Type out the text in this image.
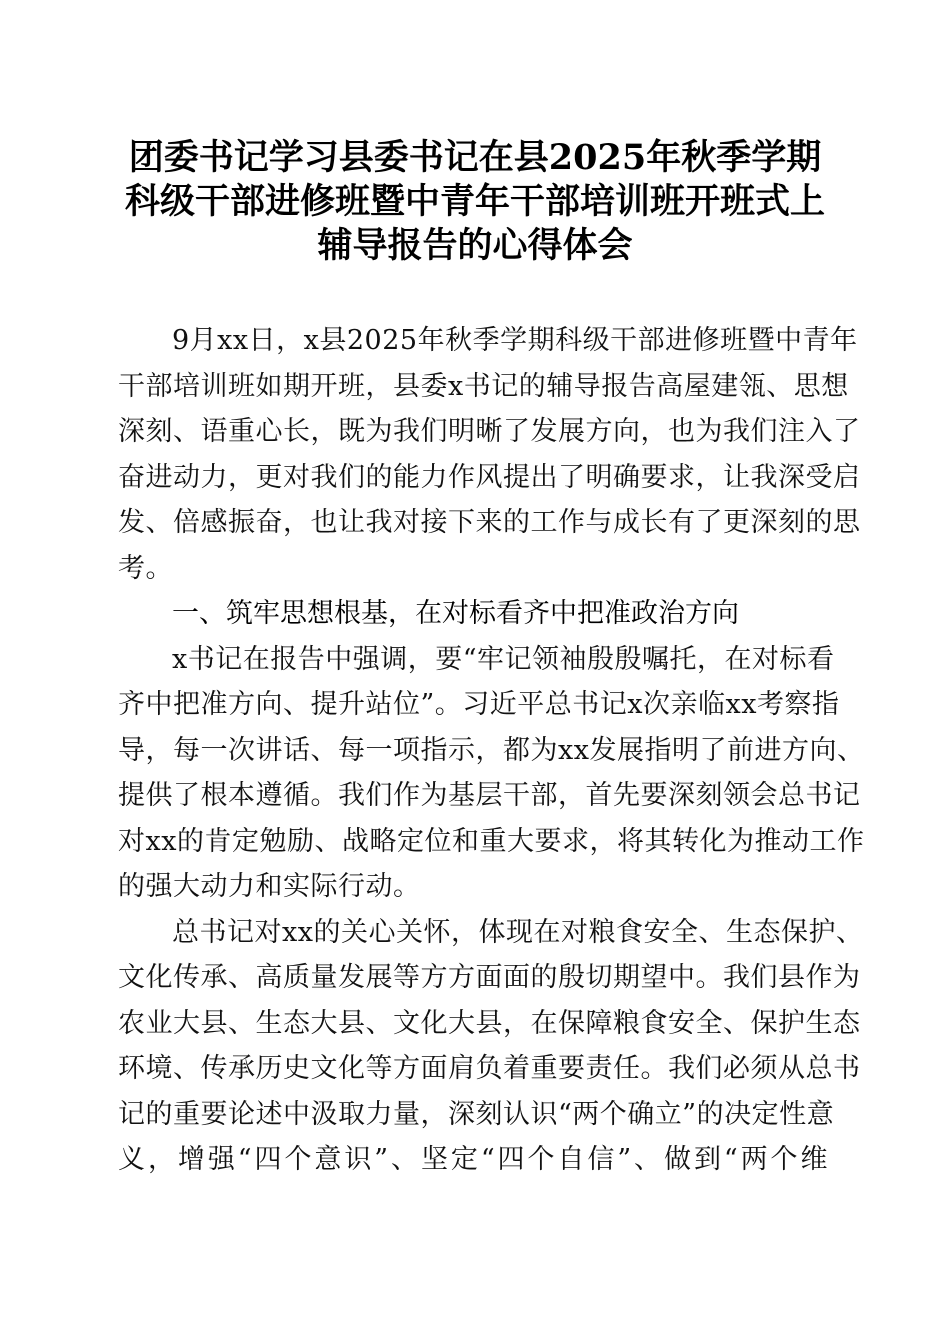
团委书记学习县委书记在县2025年秋季学期
科级干部进修班暨中青年干部培训班开班式上
辅导报告的心得体会
9月xx日，x县2025年秋季学期科级干部进修班暨中青年
干部培训班如期开班，县委x书记的辅导报告高屋建瓴、思想
深刻、语重心长，既为我们明晰了发展方向，也为我们注入了
奋进动力，更对我们的能力作风提出了明确要求，让我深受启
发、倍感振奋，也让我对接下来的工作与成长有了更深刻的思
考。
一、筑牢思想根基，在对标看齐中把准政治方向
x书记在报告中强调，要“牢记领袖殷殷嘱托，在对标看
齐中把准方向、提升站位”。习近平总书记x次亲临xx考察指
导，每一次讲话、每一项指示，都为xx发展指明了前进方向、
提供了根本遵循。我们作为基层干部，首先要深刻领会总书记
对xx的肯定勉励、战略定位和重大要求，将其转化为推动工作
的强大动力和实际行动。
总书记对xx的关心关怀，体现在对粮食安全、生态保护、
文化传承、高质量发展等方方面面的殷切期望中。我们县作为
农业大县、生态大县、文化大县，在保障粮食安全、保护生态
环境、传承历史文化等方面肩负着重要责任。我们必须从总书
记的重要论述中汲取力量，深刻认识“两个确立”的决定性意
义，增强“四个意识”、坚定“四个自信”、做到“两个维
